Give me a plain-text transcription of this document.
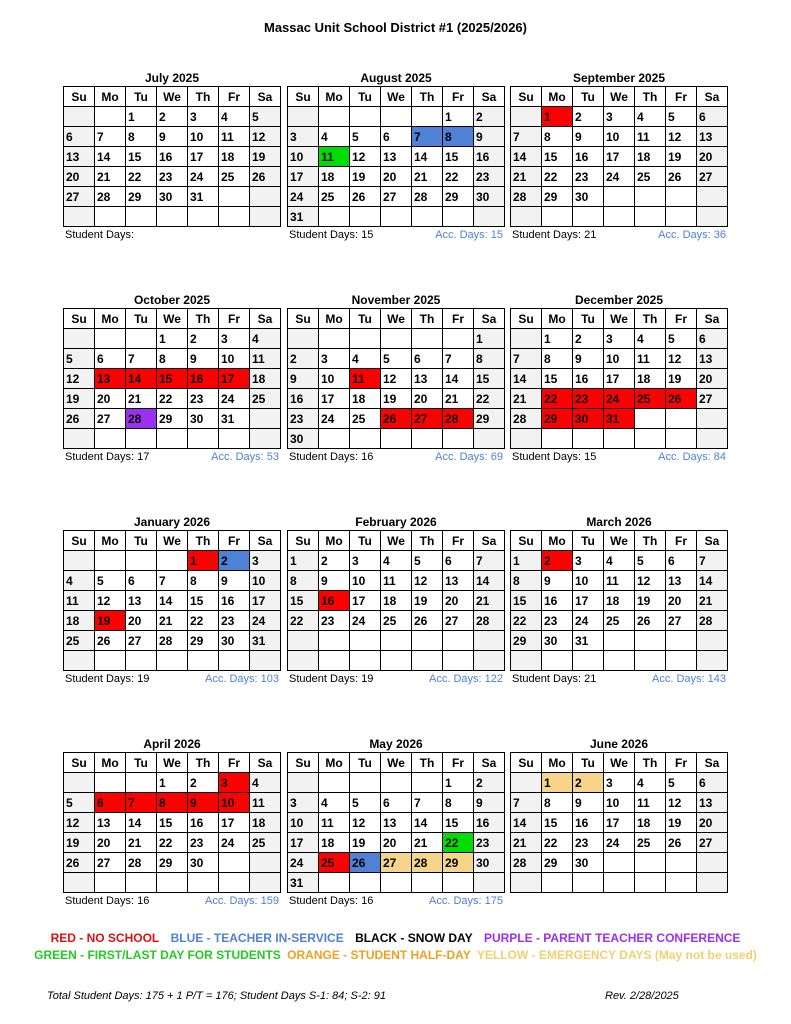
Massac Unit School District #1 (2025/2026)
July 2025
Su	Mo	Tu	We	Th	Fr	Sa
		1	2	3	4	5
6	7	8	9	10	11	12
13	14	15	16	17	18	19
20	21	22	23	24	25	26
27	28	29	30	31		

Student Days:
August 2025
Su	Mo	Tu	We	Th	Fr	Sa
					1	2
3	4	5	6	7	8	9
10	11	12	13	14	15	16
17	18	19	20	21	22	23
24	25	26	27	28	29	30
31						
Student Days: 15	Acc. Days: 15
September 2025
Su	Mo	Tu	We	Th	Fr	Sa
	1	2	3	4	5	6
7	8	9	10	11	12	13
14	15	16	17	18	19	20
21	22	23	24	25	26	27
28	29	30				

Student Days: 21	Acc. Days: 36
October 2025
Su	Mo	Tu	We	Th	Fr	Sa
			1	2	3	4
5	6	7	8	9	10	11
12	13	14	15	16	17	18
19	20	21	22	23	24	25
26	27	28	29	30	31	

Student Days: 17	Acc. Days: 53
November 2025
Su	Mo	Tu	We	Th	Fr	Sa
						1
2	3	4	5	6	7	8
9	10	11	12	13	14	15
16	17	18	19	20	21	22
23	24	25	26	27	28	29
30						
Student Days: 16	Acc. Days: 69
December 2025
Su	Mo	Tu	We	Th	Fr	Sa
	1	2	3	4	5	6
7	8	9	10	11	12	13
14	15	16	17	18	19	20
21	22	23	24	25	26	27
28	29	30	31			

Student Days: 15	Acc. Days: 84
January 2026
Su	Mo	Tu	We	Th	Fr	Sa
				1	2	3
4	5	6	7	8	9	10
11	12	13	14	15	16	17
18	19	20	21	22	23	24
25	26	27	28	29	30	31

Student Days: 19	Acc. Days: 103
February 2026
Su	Mo	Tu	We	Th	Fr	Sa
1	2	3	4	5	6	7
8	9	10	11	12	13	14
15	16	17	18	19	20	21
22	23	24	25	26	27	28

Student Days: 19	Acc. Days: 122
March 2026
Su	Mo	Tu	We	Th	Fr	Sa
1	2	3	4	5	6	7
8	9	10	11	12	13	14
15	16	17	18	19	20	21
22	23	24	25	26	27	28
29	30	31				

Student Days: 21	Acc. Days: 143
April 2026
Su	Mo	Tu	We	Th	Fr	Sa
			1	2	3	4
5	6	7	8	9	10	11
12	13	14	15	16	17	18
19	20	21	22	23	24	25
26	27	28	29	30		

Student Days: 16	Acc. Days: 159
May 2026
Su	Mo	Tu	We	Th	Fr	Sa
					1	2
3	4	5	6	7	8	9
10	11	12	13	14	15	16
17	18	19	20	21	22	23
24	25	26	27	28	29	30
31						
Student Days: 16	Acc. Days: 175
June 2026
Su	Mo	Tu	We	Th	Fr	Sa
	1	2	3	4	5	6
7	8	9	10	11	12	13
14	15	16	17	18	19	20
21	22	23	24	25	26	27
28	29	30				

RED - NO SCHOOL BLUE - TEACHER IN-SERVICE BLACK - SNOW DAY PURPLE - PARENT TEACHER CONFERENCE
GREEN - FIRST/LAST DAY FOR STUDENTS ORANGE - STUDENT HALF-DAY YELLOW - EMERGENCY DAYS (May not be used)
Total Student Days: 175 + 1 P/T = 176; Student Days S-1: 84; S-2: 91	Rev. 2/28/2025
